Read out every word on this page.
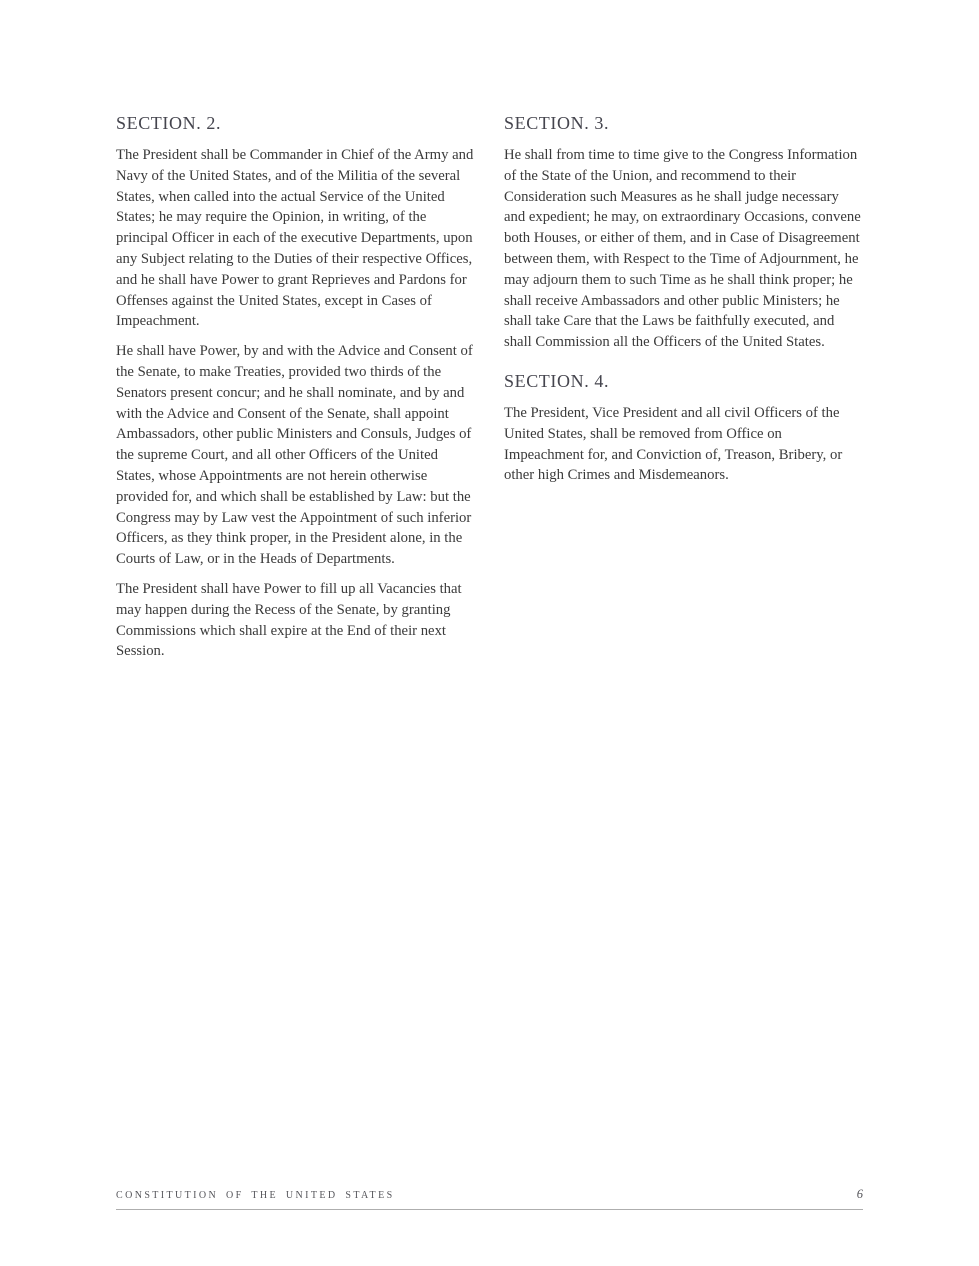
SECTION. 2.

The President shall be Commander in Chief of the Army and Navy of the United States, and of the Militia of the several States, when called into the actual Service of the United States; he may require the Opinion, in writing, of the principal Officer in each of the executive Departments, upon any Subject relating to the Duties of their respective Offices, and he shall have Power to grant Reprieves and Pardons for Offenses against the United States, except in Cases of Impeachment.

He shall have Power, by and with the Advice and Consent of the Senate, to make Treaties, provided two thirds of the Senators present concur; and he shall nominate, and by and with the Advice and Consent of the Senate, shall appoint Ambassadors, other public Ministers and Consuls, Judges of the supreme Court, and all other Officers of the United States, whose Appointments are not herein otherwise provided for, and which shall be established by Law: but the Congress may by Law vest the Appointment of such inferior Officers, as they think proper, in the President alone, in the Courts of Law, or in the Heads of Departments.

The President shall have Power to fill up all Vacancies that may happen during the Recess of the Senate, by granting Commissions which shall expire at the End of their next Session.

SECTION. 3.

He shall from time to time give to the Congress Information of the State of the Union, and recommend to their Consideration such Measures as he shall judge necessary and expedient; he may, on extraordinary Occasions, convene both Houses, or either of them, and in Case of Disagreement between them, with Respect to the Time of Adjournment, he may adjourn them to such Time as he shall think proper; he shall receive Ambassadors and other public Ministers; he shall take Care that the Laws be faithfully executed, and shall Commission all the Officers of the United States.

SECTION. 4.

The President, Vice President and all civil Officers of the United States, shall be removed from Office on Impeachment for, and Conviction of, Treason, Bribery, or other high Crimes and Misdemeanors.

CONSTITUTION OF THE UNITED STATES	6
